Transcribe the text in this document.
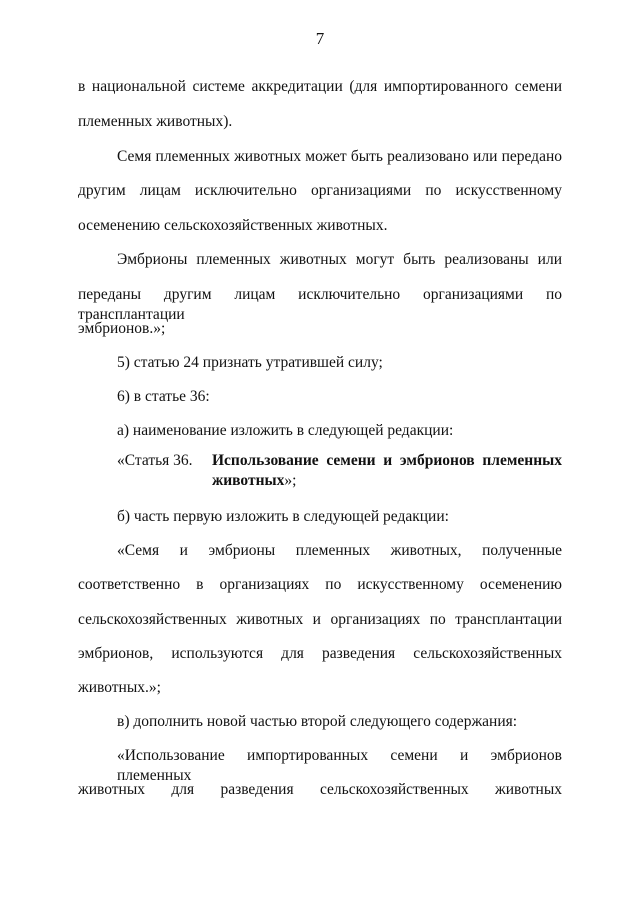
7
в национальной системе аккредитации (для импортированного семени
племенных животных).
Семя племенных животных может быть реализовано или передано
другим лицам исключительно организациями по искусственному
осеменению сельскохозяйственных животных.
Эмбрионы племенных животных могут быть реализованы или
переданы другим лицам исключительно организациями по трансплантации
эмбрионов.»;
5) статью 24 признать утратившей силу;
6) в статье 36:
а) наименование изложить в следующей редакции:
«Статья 36.	Использование семени и эмбрионов племенных
животных »;
б) часть первую изложить в следующей редакции:
«Семя и эмбрионы племенных животных, полученные
соответственно в организациях по искусственному осеменению
сельскохозяйственных животных и организациях по трансплантации
эмбрионов, используются для разведения сельскохозяйственных
животных.»;
в) дополнить новой частью второй следующего содержания:
«Использование импортированных семени и эмбрионов племенных
животных для разведения сельскохозяйственных животных
